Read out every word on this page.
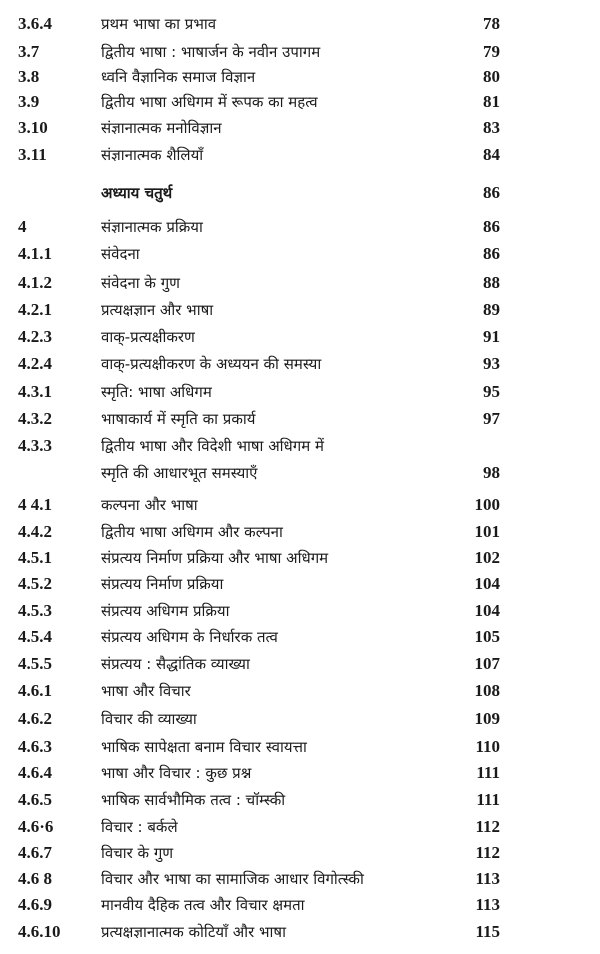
3.6.4	प्रथम भाषा का प्रभाव	78
3.7	द्वितीय भाषा : भाषार्जन के नवीन उपागम	79
3.8	ध्वनि वैज्ञानिक समाज विज्ञान	80
3.9	द्वितीय भाषा अधिगम में रूपक का महत्व	81
3.10	संज्ञानात्मक मनोविज्ञान	83
3.11	संज्ञानात्मक शैलियाँ	84
अध्याय चतुर्थ	86
4	संज्ञानात्मक प्रक्रिया	86
4.1.1	संवेदना	86
4.1.2	संवेदना के गुण	88
4.2.1	प्रत्यक्षज्ञान और भाषा	89
4.2.3	वाक्-प्रत्यक्षीकरण	91
4.2.4	वाक्-प्रत्यक्षीकरण के अध्ययन की समस्या	93
4.3.1	स्मृति: भाषा अधिगम	95
4.3.2	भाषाकार्य में स्मृति का प्रकार्य	97
4.3.3	द्वितीय भाषा और विदेशी भाषा अधिगम में
स्मृति की आधारभूत समस्याएँ	98
4 4.1	कल्पना और भाषा	100
4.4.2	द्वितीय भाषा अधिगम और कल्पना	101
4.5.1	संप्रत्यय निर्माण प्रक्रिया और भाषा अधिगम	102
4.5.2	संप्रत्यय निर्माण प्रक्रिया	104
4.5.3	संप्रत्यय अधिगम प्रक्रिया	104
4.5.4	संप्रत्यय अधिगम के निर्धारक तत्व	105
4.5.5	संप्रत्यय : सैद्धांतिक व्याख्या	107
4.6.1	भाषा और विचार	108
4.6.2	विचार की व्याख्या	109
4.6.3	भाषिक सापेक्षता बनाम विचार स्वायत्ता	110
4.6.4	भाषा और विचार : कुछ प्रश्न	111
4.6.5	भाषिक सार्वभौमिक तत्व : चॉम्स्की	111
4.6·6	विचार : बर्कले	112
4.6.7	विचार के गुण	112
4.6 8	विचार और भाषा का सामाजिक आधार विगोत्स्की	113
4.6.9	मानवीय दैहिक तत्व और विचार क्षमता	113
4.6.10	प्रत्यक्षज्ञानात्मक कोटियाँ और भाषा	115
